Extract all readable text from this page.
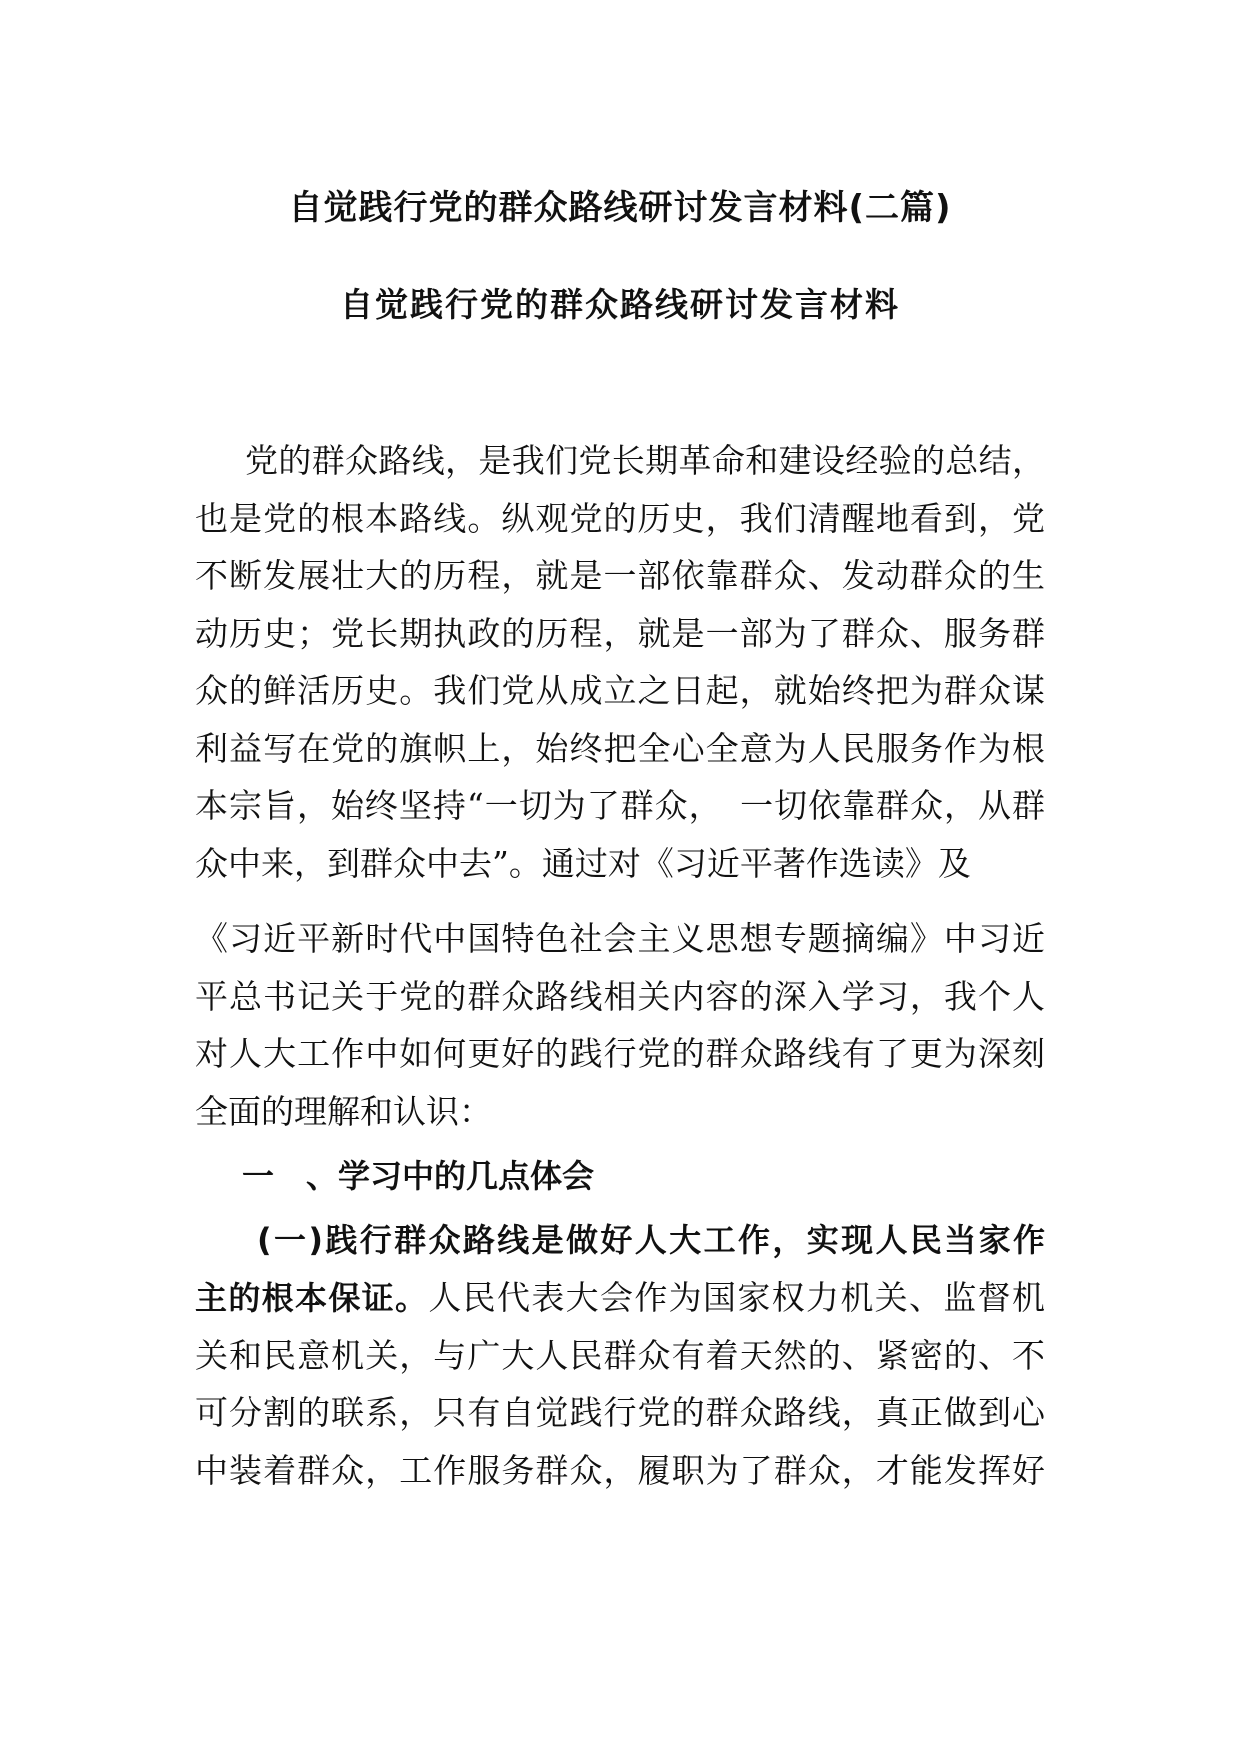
自觉践行党的群众路线研讨发言材料(二篇)
自觉践行党的群众路线研讨发言材料
党的群众路线，是我们党长期革命和建设经验的总结，
也是党的根本路线。纵观党的历史，我们清醒地看到，党
不断发展壮大的历程，就是一部依靠群众、发动群众的生
动历史；党长期执政的历程，就是一部为了群众、服务群
众的鲜活历史。我们党从成立之日起，就始终把为群众谋
利益写在党的旗帜上，始终把全心全意为人民服务作为根
本宗旨，始终坚持“一切为了群众，　一切依靠群众，从群
众中来，到群众中去”。通过对《习近平著作选读》及
《习近平新时代中国特色社会主义思想专题摘编》中习近
平总书记关于党的群众路线相关内容的深入学习，我个人
对人大工作中如何更好的践行党的群众路线有了更为深刻
全面的理解和认识：
一　、学习中的几点体会
(一)践行群众路线是做好人大工作，实现人民当家作
主的根本保证。人民代表大会作为国家权力机关、监督机
关和民意机关，与广大人民群众有着天然的、紧密的、不
可分割的联系，只有自觉践行党的群众路线，真正做到心
中装着群众，工作服务群众，履职为了群众，才能发挥好
